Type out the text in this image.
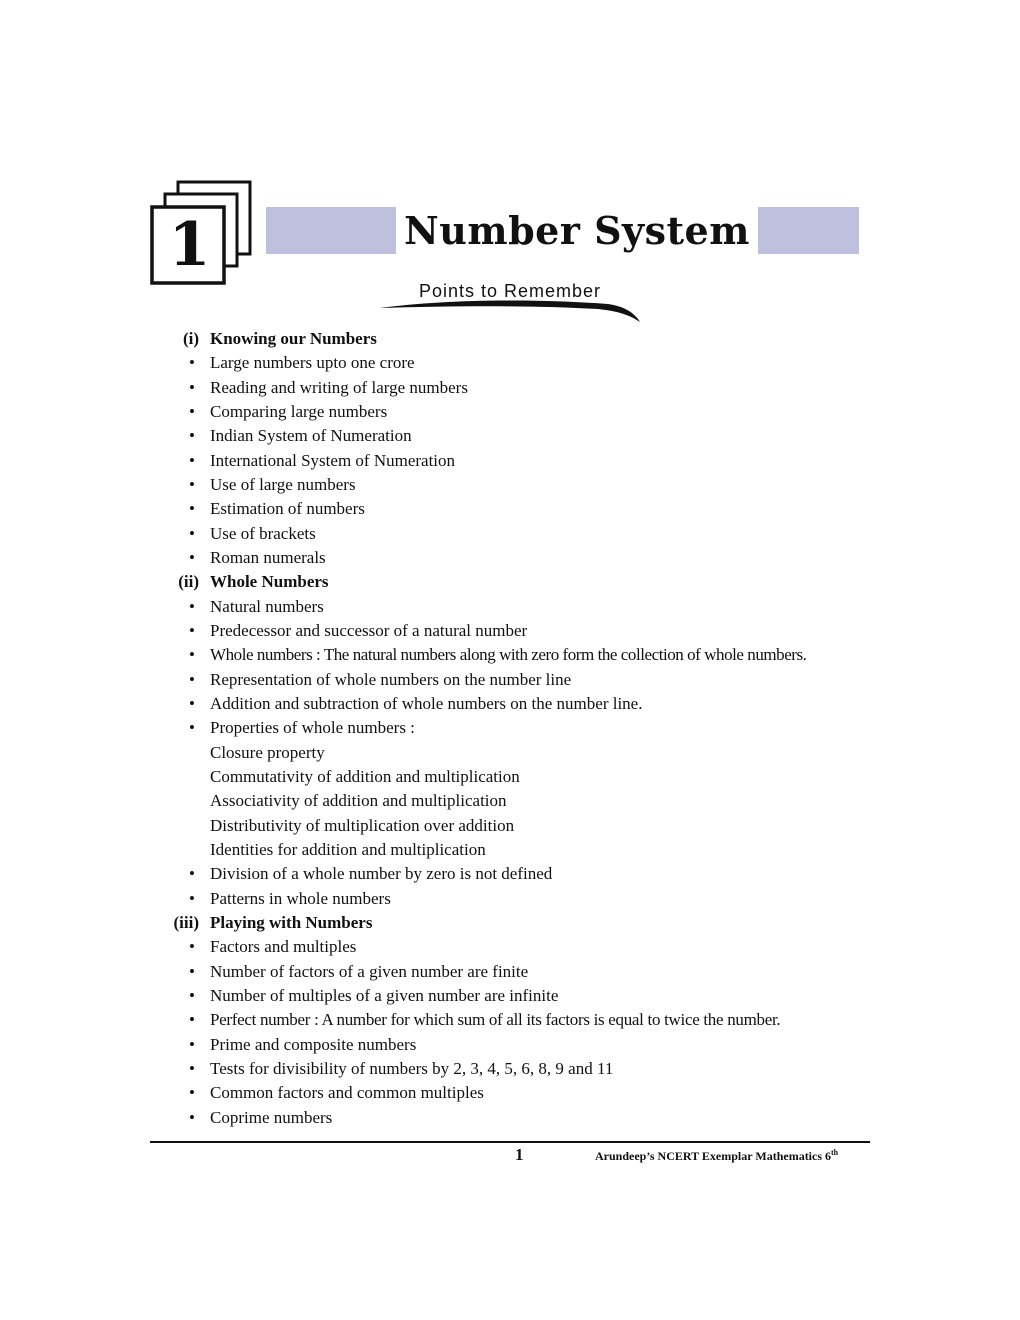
1	Number System
Points to Remember
(i) Knowing our Numbers
• Large numbers upto one crore
• Reading and writing of large numbers
• Comparing large numbers
• Indian System of Numeration
• International System of Numeration
• Use of large numbers
• Estimation of numbers
• Use of brackets
• Roman numerals
(ii) Whole Numbers
• Natural numbers
• Predecessor and successor of a natural number
• Whole numbers : The natural numbers along with zero form the collection of whole numbers.
• Representation of whole numbers on the number line
• Addition and subtraction of whole numbers on the number line.
• Properties of whole numbers :
Closure property
Commutativity of addition and multiplication
Associativity of addition and multiplication
Distributivity of multiplication over addition
Identities for addition and multiplication
• Division of a whole number by zero is not defined
• Patterns in whole numbers
(iii) Playing with Numbers
• Factors and multiples
• Number of factors of a given number are finite
• Number of multiples of a given number are infinite
• Perfect number : A number for which sum of all its factors is equal to twice the number.
• Prime and composite numbers
• Tests for divisibility of numbers by 2, 3, 4, 5, 6, 8, 9 and 11
• Common factors and common multiples
• Coprime numbers
1	Arundeep’s NCERT Exemplar Mathematics 6th
